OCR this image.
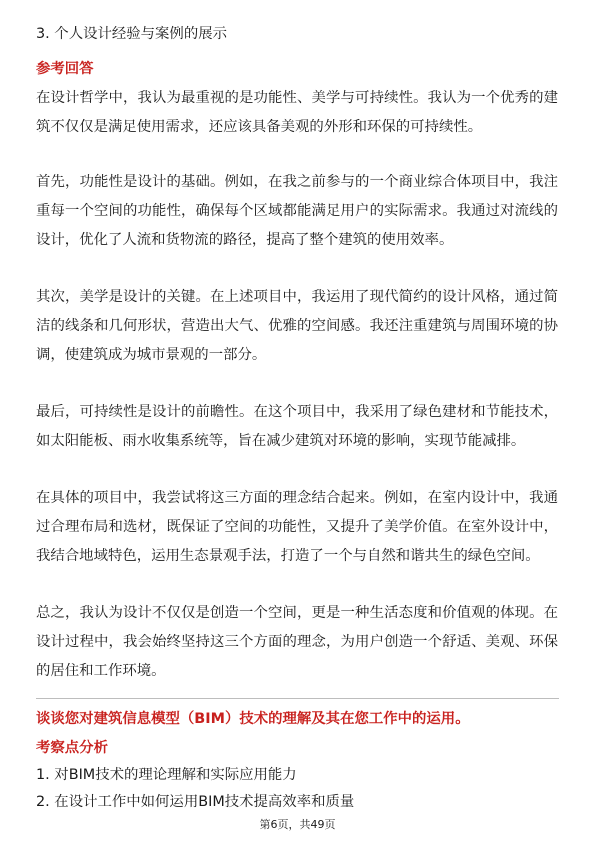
3. 个人设计经验与案例的展示
参考回答
在设计哲学中，我认为最重视的是功能性、美学与可持续性。我认为一个优秀的建
筑不仅仅是满足使用需求，还应该具备美观的外形和环保的可持续性。
首先，功能性是设计的基础。例如，在我之前参与的一个商业综合体项目中，我注
重每一个空间的功能性，确保每个区域都能满足用户的实际需求。我通过对流线的
设计，优化了人流和货物流的路径，提高了整个建筑的使用效率。
其次，美学是设计的关键。在上述项目中，我运用了现代简约的设计风格，通过简
洁的线条和几何形状，营造出大气、优雅的空间感。我还注重建筑与周围环境的协
调，使建筑成为城市景观的一部分。
最后，可持续性是设计的前瞻性。在这个项目中，我采用了绿色建材和节能技术，
如太阳能板、雨水收集系统等，旨在减少建筑对环境的影响，实现节能减排。
在具体的项目中，我尝试将这三方面的理念结合起来。例如，在室内设计中，我通
过合理布局和选材，既保证了空间的功能性，又提升了美学价值。在室外设计中，
我结合地域特色，运用生态景观手法，打造了一个与自然和谐共生的绿色空间。
总之，我认为设计不仅仅是创造一个空间，更是一种生活态度和价值观的体现。在
设计过程中，我会始终坚持这三个方面的理念，为用户创造一个舒适、美观、环保
的居住和工作环境。
谈谈您对建筑信息模型（BIM）技术的理解及其在您工作中的运用。
考察点分析
1. 对BIM技术的理论理解和实际应用能力
2. 在设计工作中如何运用BIM技术提高效率和质量
第6页，共49页
